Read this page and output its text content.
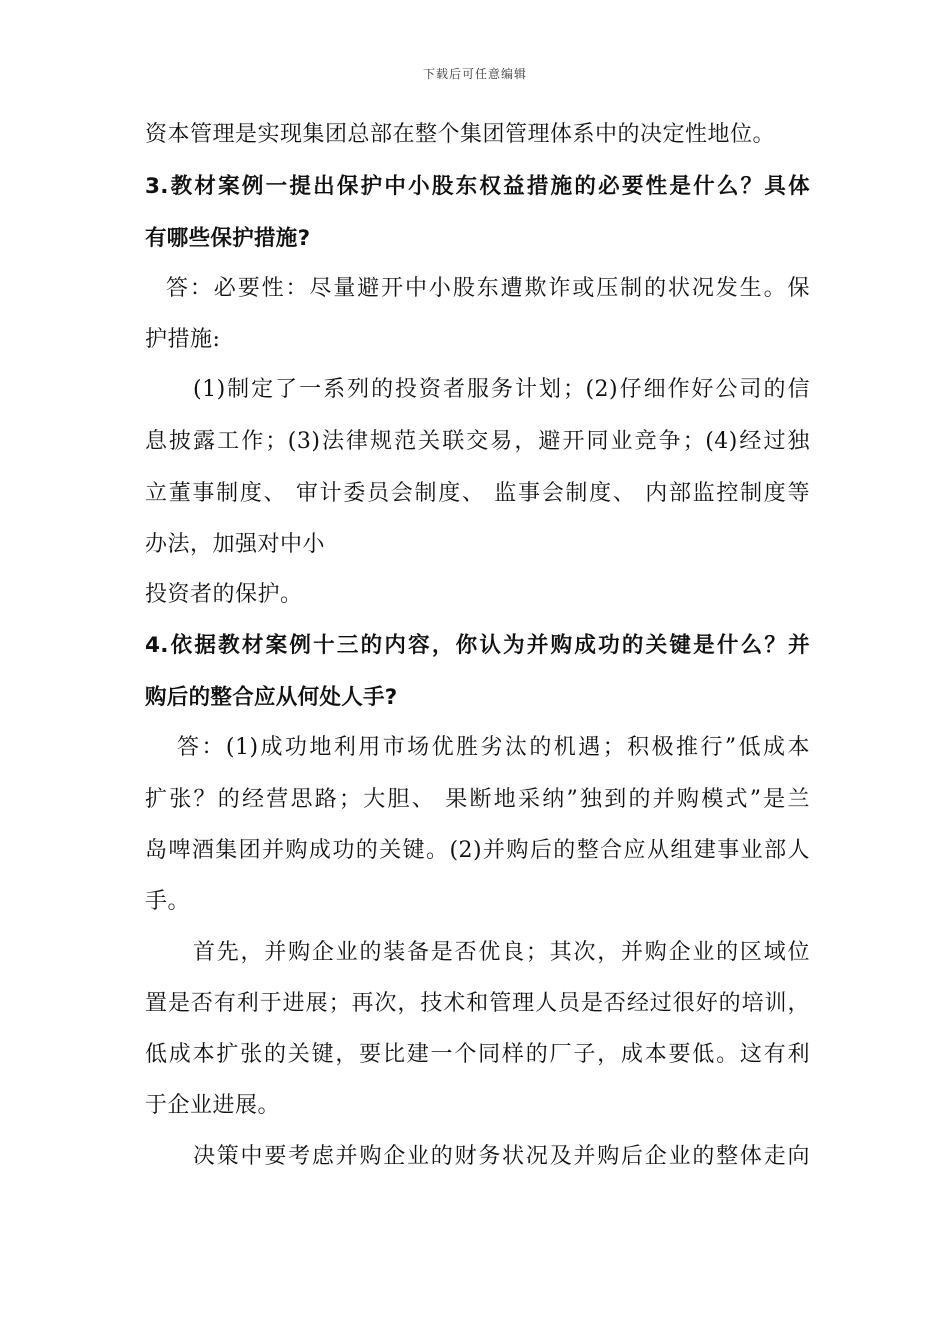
下载后可任意编辑
资本管理是实现集团总部在整个集团管理体系中的决定性地位。
3.教材案例一提出保护中小股东权益措施的必要性是什么？具体
有哪些保护措施?
答：必要性：尽量避开中小股东遭欺诈或压制的状况发生。保
护措施:
(1)制定了一系列的投资者服务计划；(2)仔细作好公司的信
息披露工作；(3)法律规范关联交易，避开同业竞争；(4)经过独
立董事制度、 审计委员会制度、 监事会制度、 内部监控制度等
办法，加强对中小
投资者的保护。
4.依据教材案例十三的内容，你认为并购成功的关键是什么？并
购后的整合应从何处人手?
答：(1)成功地利用市场优胜劣汰的机遇；积极推行”低成本
扩张？的经营思路；大胆、 果断地采纳”独到的并购模式”是兰
岛啤酒集团并购成功的关键。(2)并购后的整合应从组建事业部人
手。
首先，并购企业的装备是否优良；其次，并购企业的区域位
置是否有利于进展；再次，技术和管理人员是否经过很好的培训，
低成本扩张的关键，要比建一个同样的厂子，成本要低。这有利
于企业进展。
决策中要考虑并购企业的财务状况及并购后企业的整体走向
